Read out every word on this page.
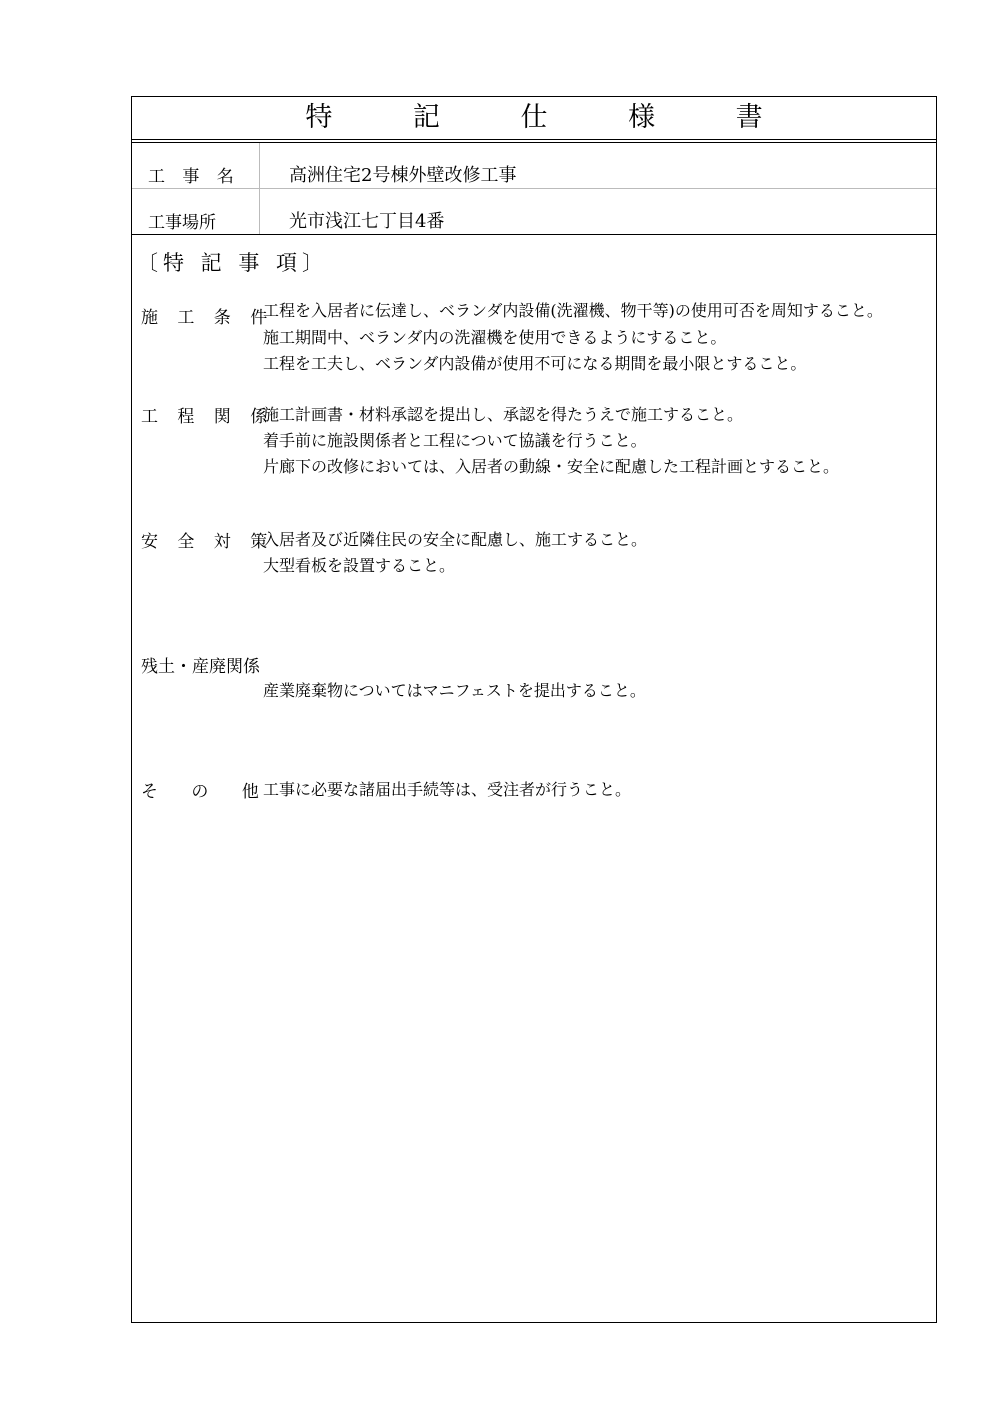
特 記 仕 様 書
工 事 名	高洲住宅2号棟外壁改修工事
工事場所	光市浅江七丁目4番
〔特 記 事 項〕
施 工 条 件
工程を入居者に伝達し、ベランダ内設備(洗濯機、物干等)の使用可否を周知すること。
施工期間中、ベランダ内の洗濯機を使用できるようにすること。
工程を工夫し、ベランダ内設備が使用不可になる期間を最小限とすること。
工 程 関 係
施工計画書・材料承認を提出し、承認を得たうえで施工すること。
着手前に施設関係者と工程について協議を行うこと。
片廊下の改修においては、入居者の動線・安全に配慮した工程計画とすること。
安 全 対 策
入居者及び近隣住民の安全に配慮し、施工すること。
大型看板を設置すること。
残土・産廃関係
産業廃棄物についてはマニフェストを提出すること。
そ の 他
工事に必要な諸届出手続等は、受注者が行うこと。
